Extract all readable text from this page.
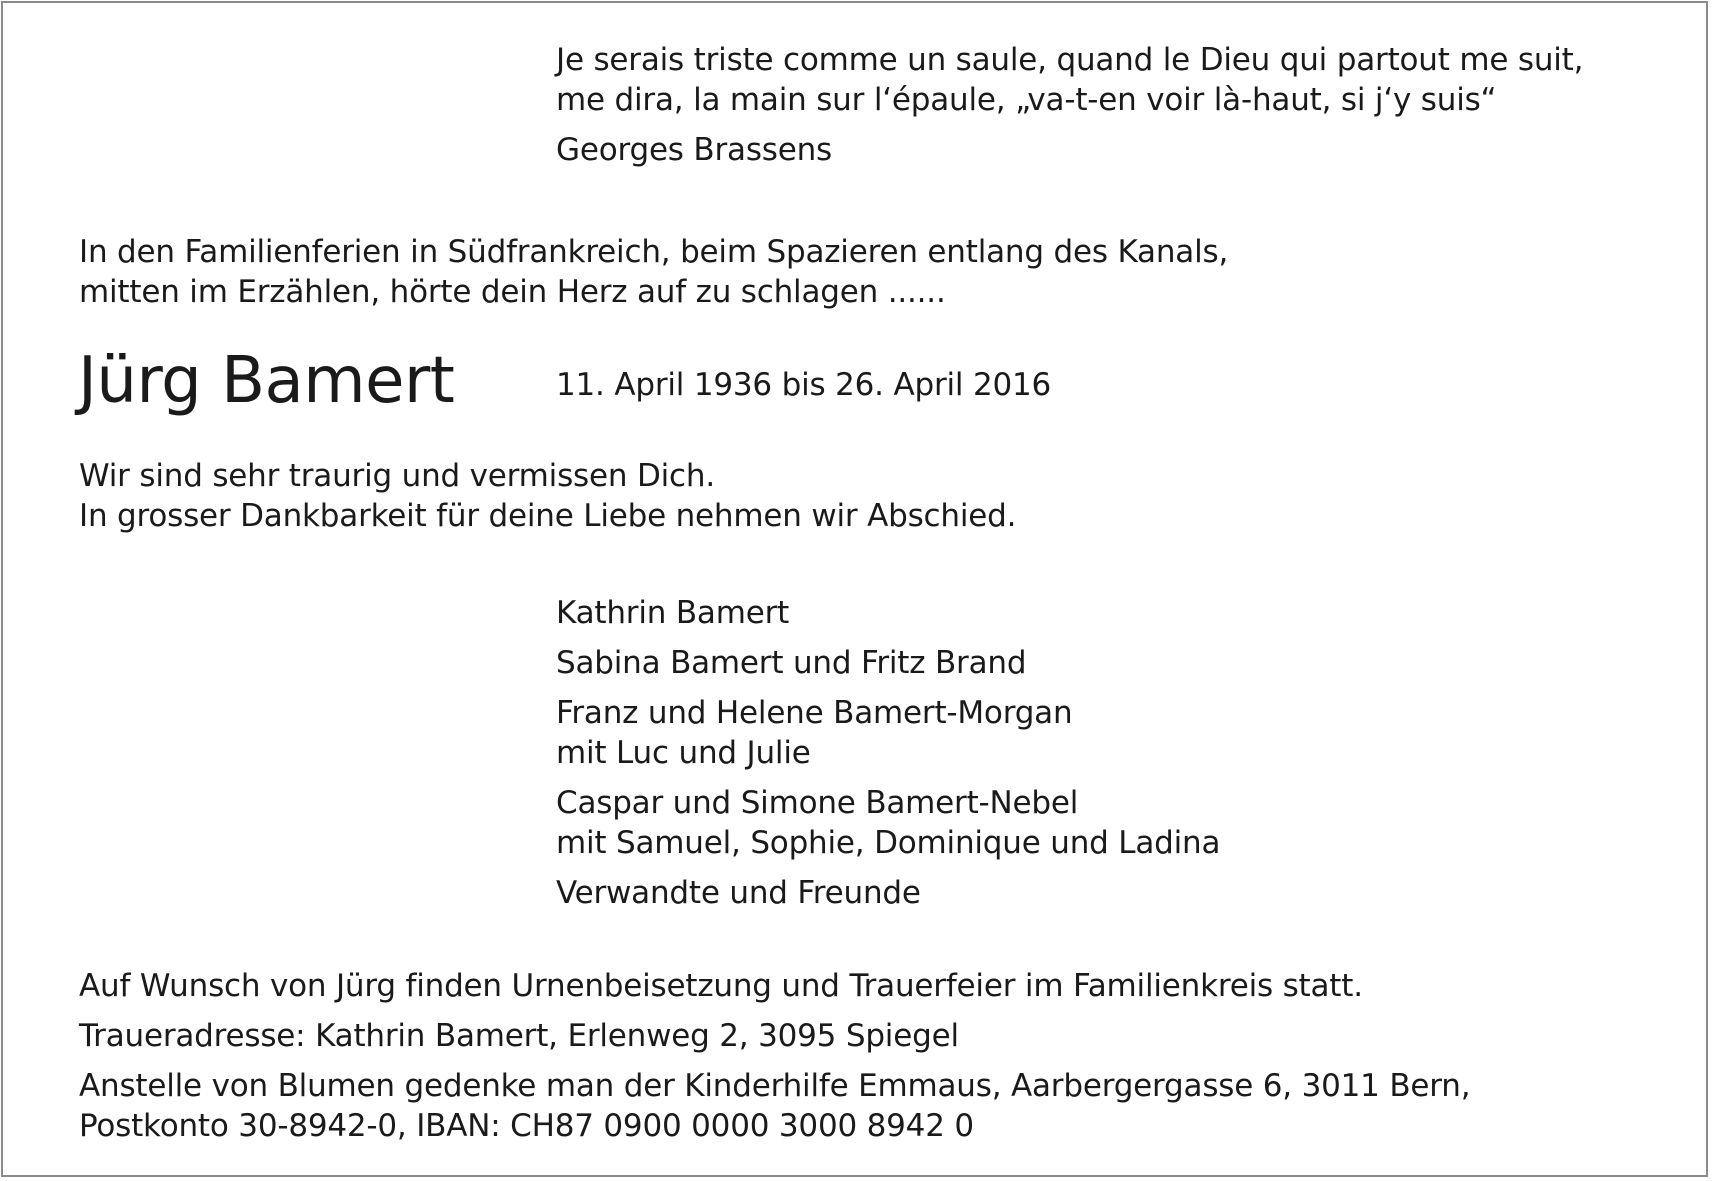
Je serais triste comme un saule, quand le Dieu qui partout me suit,
me dira, la main sur l‘épaule, „va-t-en voir là-haut, si j‘y suis“
Georges Brassens
In den Familienferien in Südfrankreich, beim Spazieren entlang des Kanals,
mitten im Erzählen, hörte dein Herz auf zu schlagen ......
Jürg Bamert	11. April 1936 bis 26. April 2016
Wir sind sehr traurig und vermissen Dich.
In grosser Dankbarkeit für deine Liebe nehmen wir Abschied.
Kathrin Bamert
Sabina Bamert und Fritz Brand
Franz und Helene Bamert-Morgan
mit Luc und Julie
Caspar und Simone Bamert-Nebel
mit Samuel, Sophie, Dominique und Ladina
Verwandte und Freunde
Auf Wunsch von Jürg finden Urnenbeisetzung und Trauerfeier im Familienkreis statt.
Traueradresse: Kathrin Bamert, Erlenweg 2, 3095 Spiegel
Anstelle von Blumen gedenke man der Kinderhilfe Emmaus, Aarbergergasse 6, 3011 Bern,
Postkonto 30-8942-0, IBAN: CH87 0900 0000 3000 8942 0
